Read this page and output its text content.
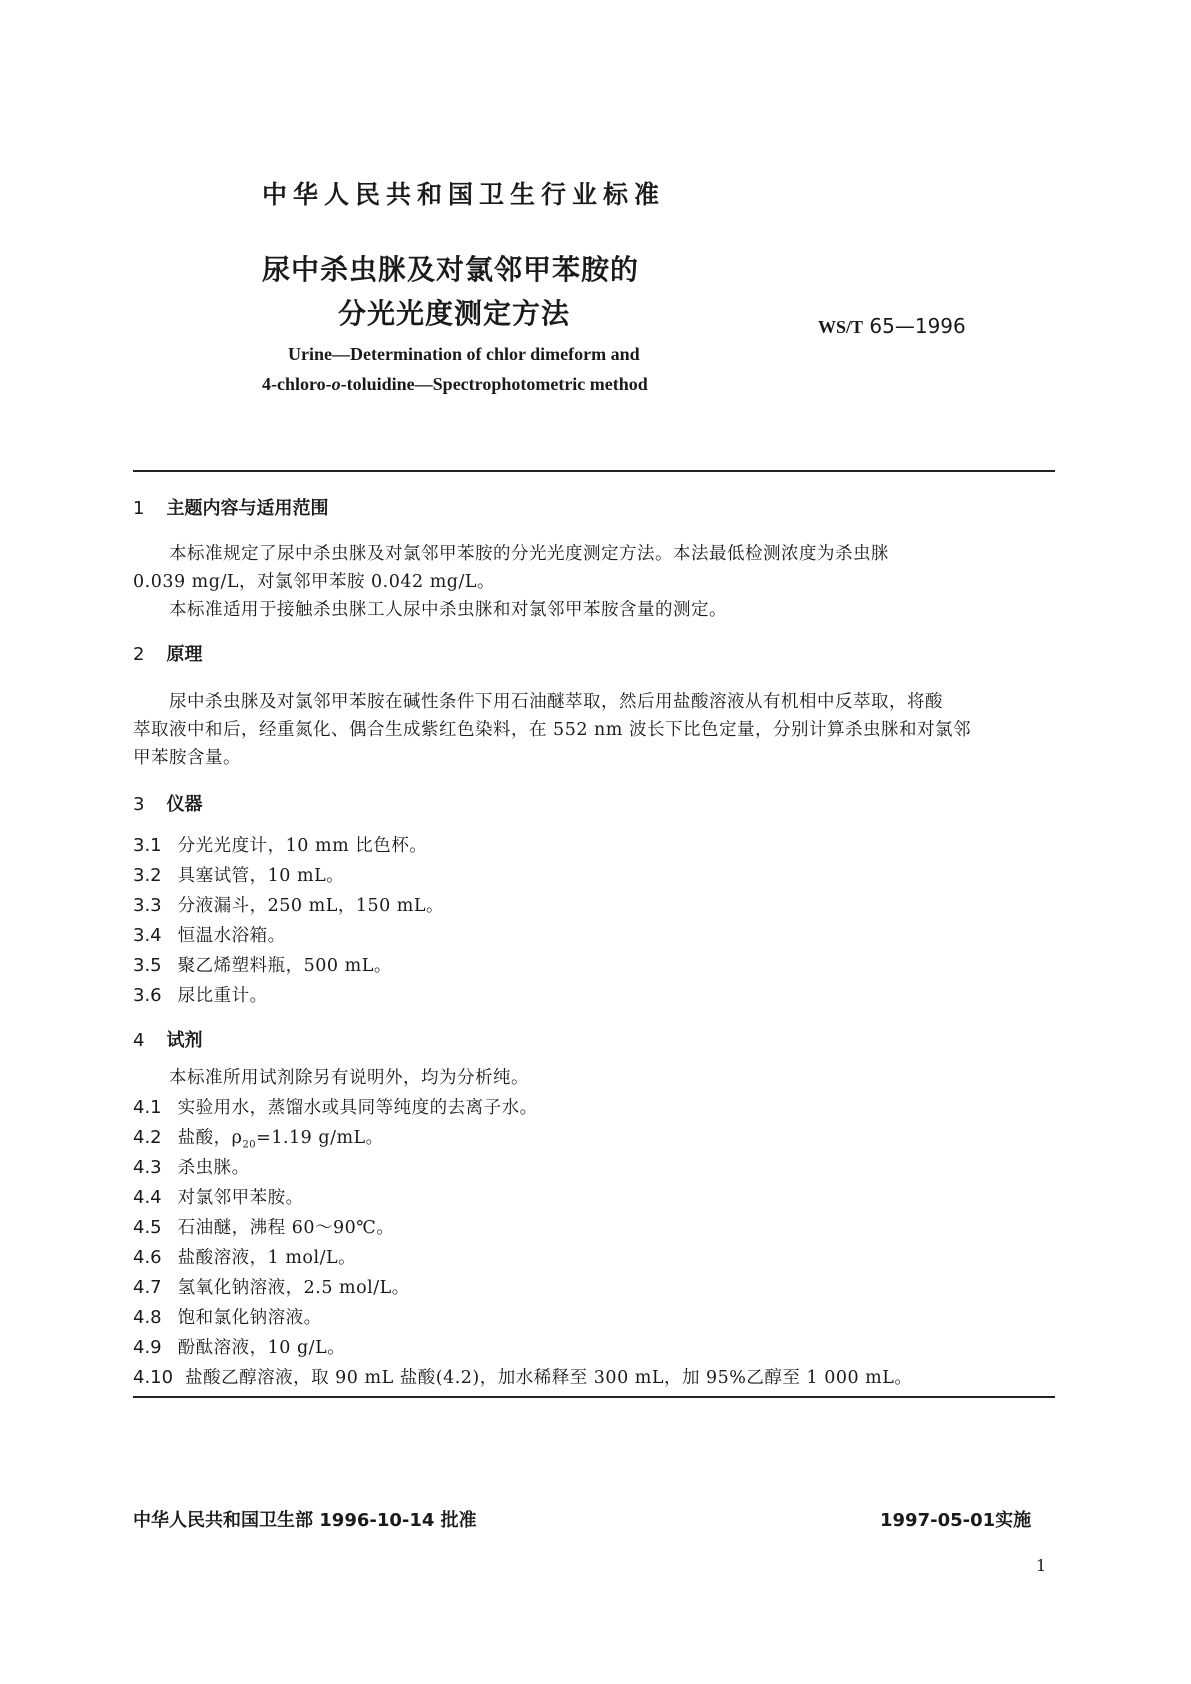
中华人民共和国卫生行业标准
尿中杀虫脒及对氯邻甲苯胺的
分光光度测定方法	WS/T 65—1996
Urine—Determination of chlor dimeform and
4-chloro-o-toluidine—Spectrophotometric method
1 主题内容与适用范围
本标准规定了尿中杀虫脒及对氯邻甲苯胺的分光光度测定方法。本法最低检测浓度为杀虫脒
0.039 mg/L，对氯邻甲苯胺 0.042 mg/L。
本标准适用于接触杀虫脒工人尿中杀虫脒和对氯邻甲苯胺含量的测定。
2 原理
尿中杀虫脒及对氯邻甲苯胺在碱性条件下用石油醚萃取，然后用盐酸溶液从有机相中反萃取，将酸
萃取液中和后，经重氮化、偶合生成紫红色染料，在 552 nm 波长下比色定量，分别计算杀虫脒和对氯邻
甲苯胺含量。
3 仪器
3.1 分光光度计，10 mm 比色杯。
3.2 具塞试管，10 mL。
3.3 分液漏斗，250 mL，150 mL。
3.4 恒温水浴箱。
3.5 聚乙烯塑料瓶，500 mL。
3.6 尿比重计。
4 试剂
本标准所用试剂除另有说明外，均为分析纯。
4.1 实验用水，蒸馏水或具同等纯度的去离子水。
4.2 盐酸，$\rho_{20}=1.19$ g/mL。
4.3 杀虫脒。
4.4 对氯邻甲苯胺。
4.5 石油醚，沸程 60～90℃。
4.6 盐酸溶液，1 mol/L。
4.7 氢氧化钠溶液，2.5 mol/L。
4.8 饱和氯化钠溶液。
4.9 酚酞溶液，10 g/L。
4.10 盐酸乙醇溶液，取 90 mL 盐酸(4.2)，加水稀释至 300 mL，加 95%乙醇至 1 000 mL。
中华人民共和国卫生部 1996-10-14 批准	1997-05-01实施
1
